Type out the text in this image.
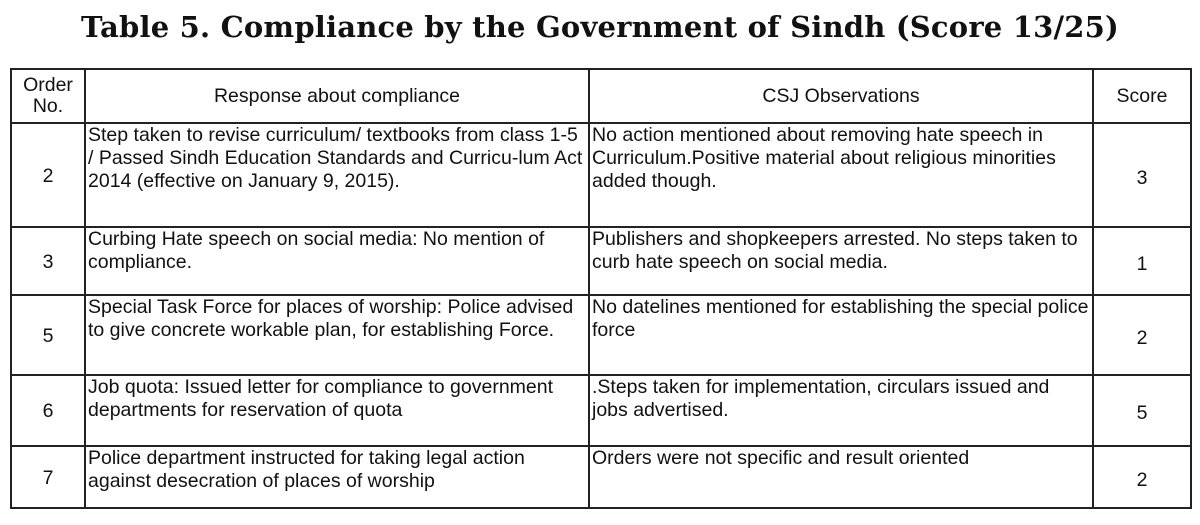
Table 5. Compliance by the Government of Sindh (Score 13/25)
Order No.	Response about compliance	CSJ Observations	Score
2	Step taken to revise curriculum/ textbooks from class 1-5 / Passed Sindh Education Standards and Curricu-lum Act 2014 (effective on January 9, 2015).	No action mentioned about removing hate speech in Curriculum.Positive material about religious minorities added though.	3
3	Curbing Hate speech on social media: No mention of compliance.	Publishers and shopkeepers arrested. No steps taken to curb hate speech on social media.	1
5	Special Task Force for places of worship: Police advised to give concrete workable plan, for establishing Force.	No datelines mentioned for establishing the special police force	2
6	Job quota: Issued letter for compliance to government departments for reservation of quota	.Steps taken for implementation, circulars issued and jobs advertised.	5
7	Police department instructed for taking legal action against desecration of places of worship	Orders were not specific and result oriented	2
